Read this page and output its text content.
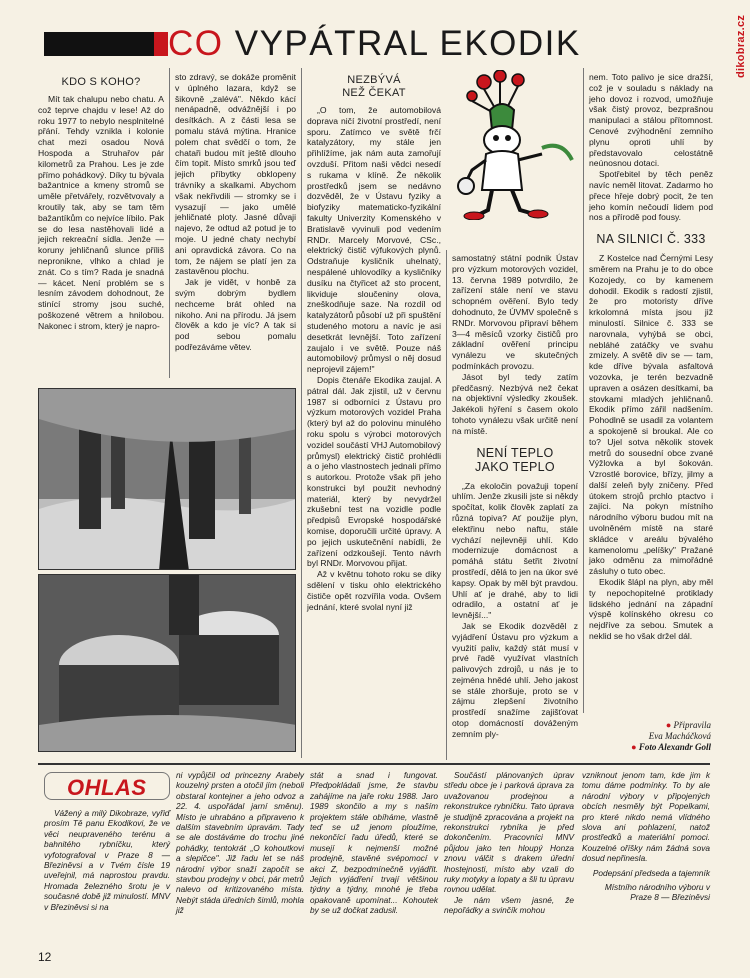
CO VYPÁTRAL EKODIK	dikobraz.cz
KDO S KOHO?

Mít tak chalupu nebo chatu. A což teprve chajdu v lese! Až do roku 1977 to nebylo nesplnitelné přání. Tehdy vznikla i kolonie chat mezi osadou Nová Hospoda a Struhařov pár kilometrů za Prahou. Les je zde přímo pohádkový. Díky tu bývala bažantnice a kmeny stromů se uměle přetvářely, rozvětvovaly a kroutily tak, aby se tam těm bažantíkům co nejvíce líbilo. Pak se do lesa nastěhovali lidé a jejich rekreační sídla. Jenže — koruny jehličnanů slunce příliš nepronikne, vlhko a chlad je znát. Co s tím? Rada je snadná — kácet. Není problém se s lesním závodem dohodnout, že stinící stromy jsou suché, poškozené větrem a hnilobou. Nakonec i strom, který je napro-

sto zdravý, se dokáže proměnit v úplného lazara, když se šikovně „zalévá". Někdo kácí nenápadně, odvážnější i po desítkách. A z části lesa se pomalu stává mýtina. Hranice polem chat svědčí o tom, že chataři budou mít ještě dlouho čím topit. Místo smrků jsou teď jejich příbytky obklopeny trávníky a skalkami. Abychom však nekřivdili — stromky se i vysazují — jako umělé jehličnaté ploty. Jasné důvaji najevo, že odtud až potud je to moje. U jedné chaty nechybí ani opravdická závora. Co na tom, že nájem se platí jen za zastavěnou plochu.

Jak je vidět, v honbě za svým dobrým bydlem nechceme brát ohled na nikoho. Ani na přírodu. Já jsem člověk a kdo je víc? A tak si pod sebou pomalu podřezáváme větev.

NEZBÝVÁ
NEŽ ČEKAT

„O tom, že automobilová doprava ničí životní prostředí, není sporu. Zatímco ve světě frčí katalyzátory, my stále jen přihlížíme, jak nám auta zamořují ovzduší. Přitom naši vědci nesedí s rukama v klíně. Že několik prostředků jsem se nedávno dozvěděl, že v Ústavu fyziky a biofyziky matematicko-fyzikální fakulty Univerzity Komenského v Bratislavě vyvinuli pod vedením RNDr. Marcely Morvové, CSc., elektrický čistič výfukových plynů. Odstraňuje kysličník uhelnatý, nespálené uhlovodíky a kysličníky dusíku na čtyřicet až sto procent, likviduje sloučeniny olova, zneškodňuje saze. Na rozdíl od katalyzátorů působí už při spuštění studeného motoru a navíc je asi desetkrát levnější. Toto zařízení zaujalo i ve světě. Pouze náš automobilový průmysl o něj dosud neprojevil zájem!"

Dopis čtenáře Ekodika zaujal. A pátral dál. Jak zjistil, už v červnu 1987 si odborníci z Ústavu pro výzkum motorových vozidel Praha (který byl až do polovinu minulého roku spolu s výrobci motorových vozidel součástí VHJ Automobilový průmysl) elektrický čistič prohlédli a o jeho vlastnostech jednali přímo s autorkou. Protože však při jeho konstrukci byl použit nevhodný materiál, který by nevydržel zkušební test na vozidle podle předpisů Evropské hospodářské komise, doporučili určité úpravy. A po jejich uskutečnění nabídli, že zařízení odzkoušejí. Tento návrh byl RNDr. Morvovou přijat.

Až v květnu tohoto roku se díky sdělení v tisku ohlo elektrického čističe opět rozvířila voda. Ovšem jednání, které svolal nyní již

samostatný státní podnik Ústav pro výzkum motorových vozidel, 13. června 1989 potvrdilo, že zařízení stále není ve stavu schopném ověření. Bylo tedy dohodnuto, že ÚVMV společně s RNDr. Morvovou připraví během 3—4 měsíců vzorky čističů pro základní ověření principu vynálezu ve skutečných podmínkách provozu.

Jásot byl tedy zatím předčasný. Nezbývá než čekat na objektivní výsledky zkoušek. Jakékoli hýření s časem okolo tohoto vynálezu však určitě není na místě.

NENÍ TEPLO
JAKO TEPLO

„Za ekoločin považuji topení uhlím. Jenže zkusili jste si někdy spočítat, kolik člověk zaplatí za různá topiva? Ať použije plyn, elektřinu nebo naftu, stále vychází nejlevněji uhlí. Kdo modernizuje domácnost a pomáhá státu šetřit životní prostředí, dělá to jen na úkor své kapsy. Opak by měl být pravdou. Uhlí ať je drahé, aby to lidi odradilo, a ostatní ať je levnější..."

Jak se Ekodik dozvěděl z vyjádření Ústavu pro výzkum a využití paliv, každý stát musí v prvé řadě využívat vlastních palivových zdrojů, u nás je to zejména hnědé uhlí. Jeho jakost se stále zhoršuje, proto se v zájmu zlepšení životního prostředí snažíme zajišťovat otop domácností dováženým zemním ply-

nem. Toto palivo je sice dražší, což je v souladu s náklady na jeho dovoz i rozvod, umožňuje však čistý provoz, bezprašnou manipulaci a stálou přítomnost. Cenové zvýhodnění zemního plynu oproti uhlí by představovalo celostátně neúnosnou dotaci.

Spotřebitel by těch peněz navíc neměl litovat. Zadarmo ho přece hřeje dobrý pocit, že ten jeho komín nečoudí lidem pod nos a přírodě pod fousy.

NA SILNICI Č. 333

Z Kostelce nad Černými Lesy směrem na Prahu je to do obce Kozojedy, co by kamenem dohodil. Ekodik s radostí zjistil, že pro motoristy dříve krkolomná místa jsou již minulostí. Silnice č. 333 se narovnala, vyhýbá se obci, nebláhé zatáčky ve svahu zmizely. A světě div se — tam, kde dříve bývala asfaltová vozovka, je terén bezvadně upraven a osázen desítkami, ba stovkami mladých jehličnanů. Ekodik přímo zářil nadšením. Pohodlně se usadil za volantem a spokojeně si broukal. Ale co to? Ujel sotva několik stovek metrů do sousední obce zvané Výžlovka a byl šokován. Vzrostlé borovice, břízy, jilmy a další zeleň byly zničeny. Před útokem strojů prchlo ptactvo i zajíci. Na pokyn místního národního výboru budou mít na uvolněném místě na staré skládce v areálu bývalého kamenolomu „pelíšky" Pražané jako odměnu za mimořádné zásluhy o tuto obec.

Ekodik šlápl na plyn, aby měl ty nepochopitelné protiklady lidského jednání na západní výspě kolínského okresu co nejdříve za sebou. Smutek a neklid se ho však držel dál.

● Připravila
Eva Macháčková
● Foto Alexandr Goll
OHLAS

Vážený a milý Dikobraze, vyřiď prosím Tě panu Ekodikovi, že ve věci neupraveného terénu a bahnitého rybníčku, který vyfotografoval v Praze 8 — Březiněvsi a v Tvém čísle 19 uveřejnil, má naprostou pravdu. Hromada železného šrotu je v současné době již minulostí. MNV v Březiněvsi si na

ni vypůjčil od princezny Arabely kouzelný prsten a otočil jím (neboli obstaral kontejner a jeho odvoz a 22. 4. uspořádal jarní směnu). Místo je uhrabáno a připraveno k dalším stavebním úpravám. Tady se ale dostáváme do trochu jiné pohádky, tentokrát „O kohoutkovi a slepičce". Již řadu let se náš národní výbor snaží započít se stavbou prodejny v obci, pár metrů nalevo od kritizovaného místa. Nebýt stáda úředních šimlů, mohla již

stát a snad i fungovat. Předpokládali jsme, že stavbu zahájíme na jaře roku 1988. Jaro 1989 skončilo a my s naším projektem stále obíháme, vlastně teď se už jenom ploužíme, nekončící řadu úředů, které se musejí k nejmenší možné prodejně, stavěné svépomocí v akci Z, bezpodmínečně vyjádřit. Jejich vyjádření trvají většinou týdny a týdny, mnohé je třeba opakovaně upomínat... Kohoutek by se už dočkat zadusil.

Součástí plánovaných úprav středu obce je i parková úprava za uvažovanou prodejnou a rekonstrukce rybníčku. Tato úprava je studijně zpracována a projekt na rekonstrukci rybníka je před dokončením. Pracovníci MNV půjdou jako ten hloupý Honza znovu válčit s drakem úřední lhostejnosti, místo aby vzali do ruky motyky a lopaty a šli tu úpravu rovnou udělat.

Je nám všem jasné, že nepořádky a svinčík mohou

vzniknout jenom tam, kde jim k tomu dáme podmínky. To by ale národní výbory v připojených obcích nesměly být Popelkami, pro které nikdo nemá vlídného slova ani pohlazení, natož prostředků a materiální pomoci. Kouzelné oříšky nám žádná sova dosud nepřinesla.

Podepsání předseda a tajemník

Místního národního výboru v Praze 8 — Březiněvsi

12
